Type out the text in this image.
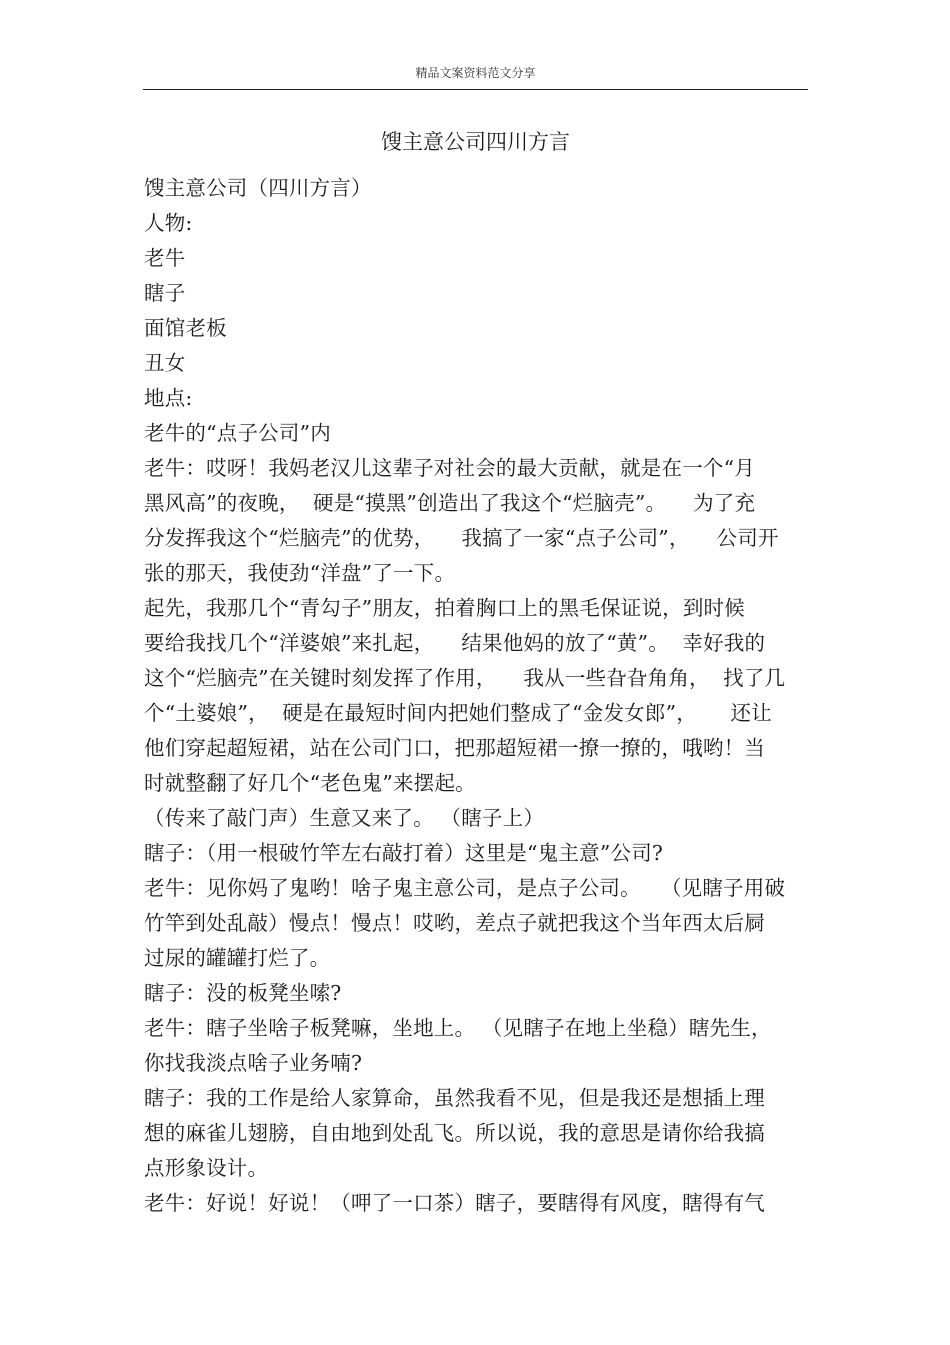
精品文案资料范文分享
馊主意公司四川方言
馊主意公司（四川方言）
人物:
老牛
瞎子
面馆老板
丑女
地点:
老牛的“点子公司”内
老牛：哎呀！我妈老汉儿这辈子对社会的最大贡献，就是在一个“月
黑风高”的夜晚，  硬是“摸黑”创造出了我这个“烂脑壳”。    为了充
分发挥我这个“烂脑壳”的优势，    我搞了一家“点子公司”，    公司开
张的那天，我使劲“洋盘”了一下。
起先，我那几个“青勾子”朋友，拍着胸口上的黑毛保证说，到时候
要给我找几个“洋婆娘”来扎起，    结果他妈的放了“黄”。  幸好我的
这个“烂脑壳”在关键时刻发挥了作用，    我从一些旮旮角角，  找了几
个“土婆娘”，  硬是在最短时间内把她们整成了“金发女郎”，     还让
他们穿起超短裙，站在公司门口，把那超短裙一撩一撩的，哦哟！当
时就整翻了好几个“老色鬼”来摆起。
（传来了敲门声）生意又来了。 （瞎子上）
瞎子：（用一根破竹竿左右敲打着）这里是“鬼主意”公司?
老牛：见你妈了鬼哟！啥子鬼主意公司，是点子公司。   （见瞎子用破
竹竿到处乱敲）慢点！慢点！哎哟，差点子就把我这个当年西太后屙
过尿的罐罐打烂了。
瞎子：没的板凳坐嗦?
老牛：瞎子坐啥子板凳嘛，坐地上。 （见瞎子在地上坐稳）瞎先生，
你找我淡点啥子业务喃?
瞎子：我的工作是给人家算命，虽然我看不见，但是我还是想插上理
想的麻雀儿翅膀，自由地到处乱飞。所以说，我的意思是请你给我搞
点形象设计。
老牛：好说！好说！（呷了一口茶）瞎子，要瞎得有风度，瞎得有气
